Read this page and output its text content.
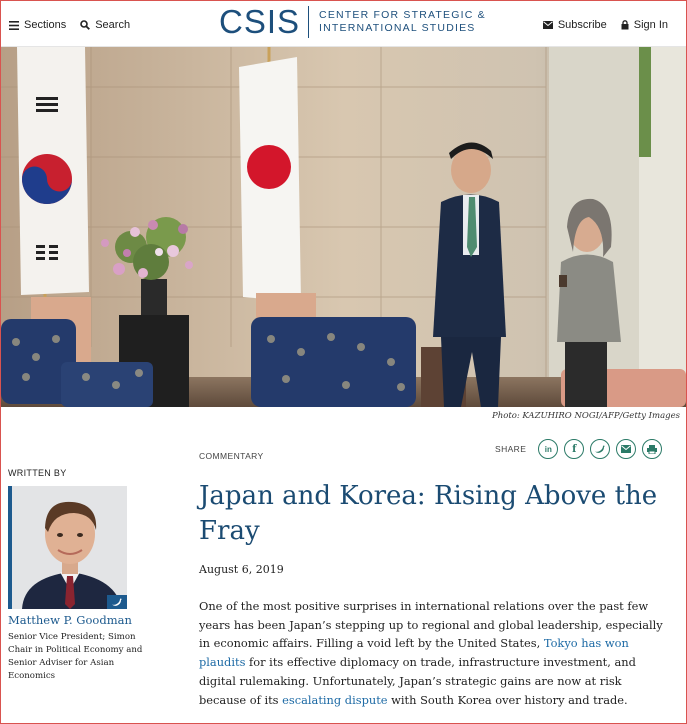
Sections	Search	CSIS CENTER FOR STRATEGIC &
INTERNATIONAL STUDIES	Subscribe Sign In
Photo: KAZUHIRO NOGI/AFP/Getty Images
WRITTEN BY
Matthew P. Goodman
Senior Vice President; Simon Chair in Political Economy and Senior Adviser for Asian Economics
COMMENTARY
SHARE in f
Japan and Korea: Rising Above the Fray
August 6, 2019

One of the most positive surprises in international relations over the past few years has been Japan’s stepping up to regional and global leadership, especially in economic affairs. Filling a void left by the United States, Tokyo has won plaudits for its effective diplomacy on trade, infrastructure investment, and digital rulemaking. Unfortunately, Japan’s strategic gains are now at risk because of its escalating dispute with South Korea over history and trade.
